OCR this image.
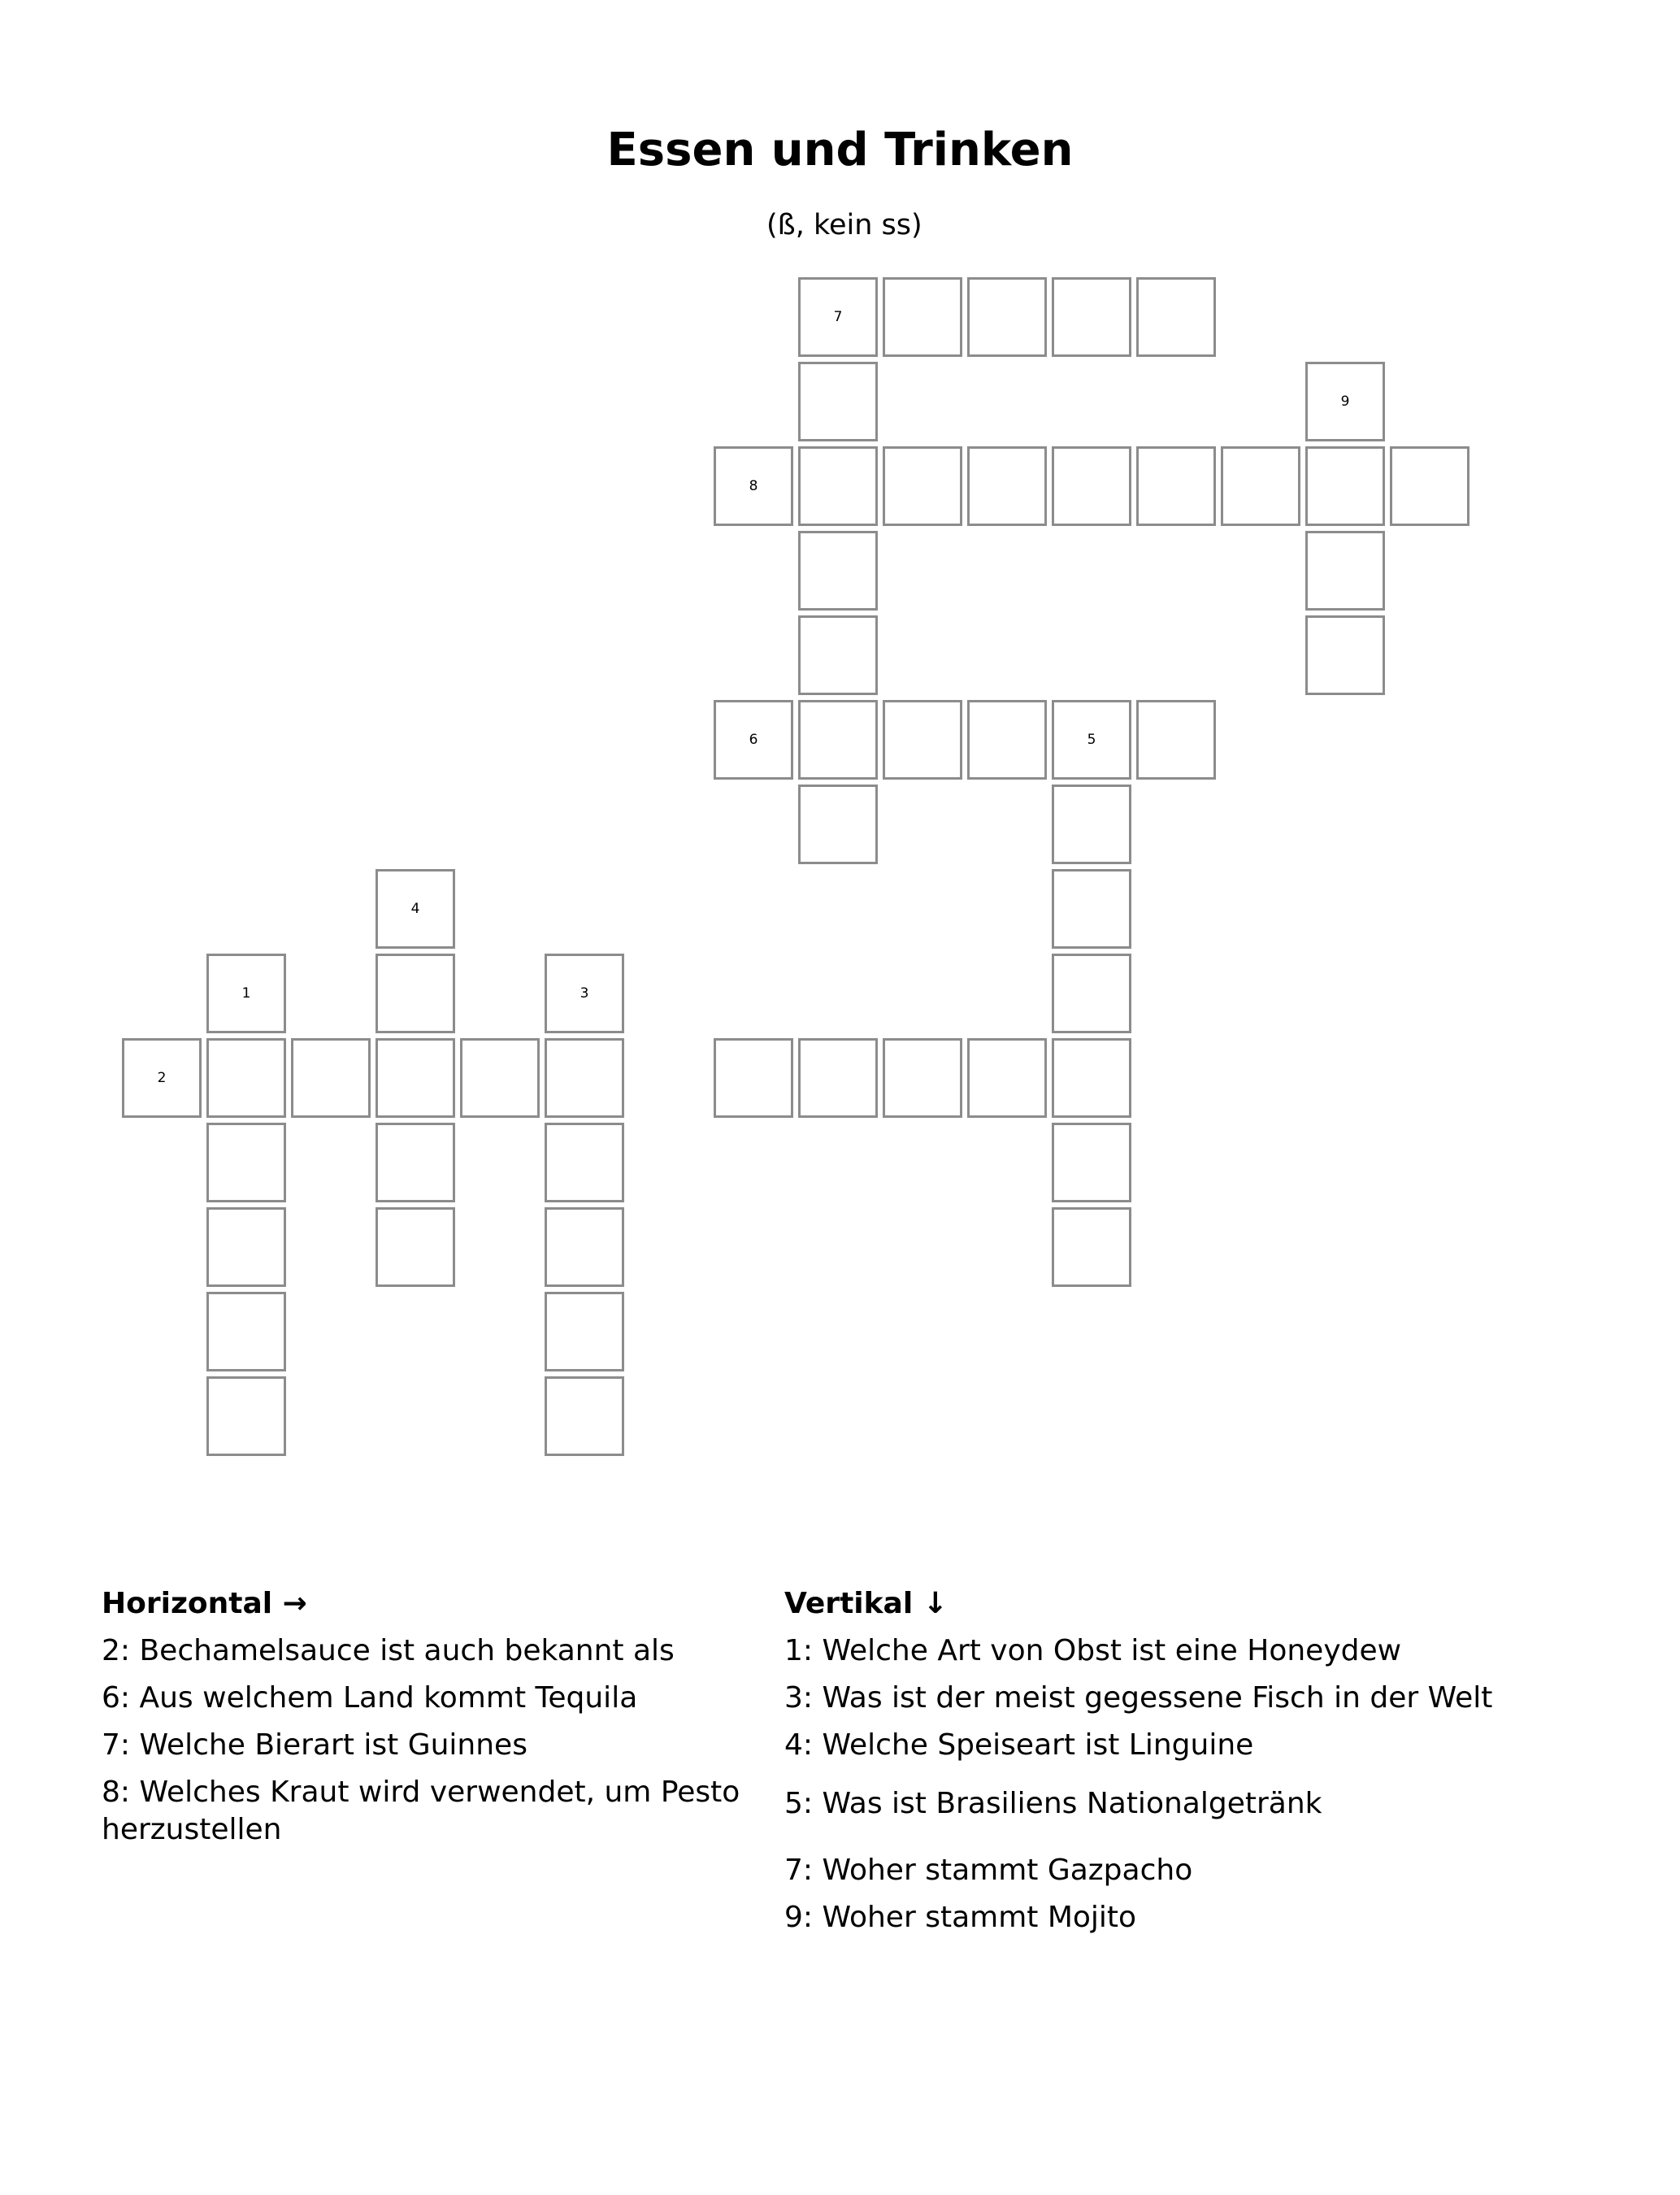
Essen und Trinken
(ß, kein ss)
7
9
8
6	5
4
1	3
2
Horizontal →
2: Bechamelsauce ist auch bekannt als
6: Aus welchem Land kommt Tequila
7: Welche Bierart ist Guinnes
8: Welches Kraut wird verwendet, um Pesto herzustellen
Vertikal ↓
1: Welche Art von Obst ist eine Honeydew
3: Was ist der meist gegessene Fisch in der Welt
4: Welche Speiseart ist Linguine
5: Was ist Brasiliens Nationalgetränk
7: Woher stammt Gazpacho
9: Woher stammt Mojito
